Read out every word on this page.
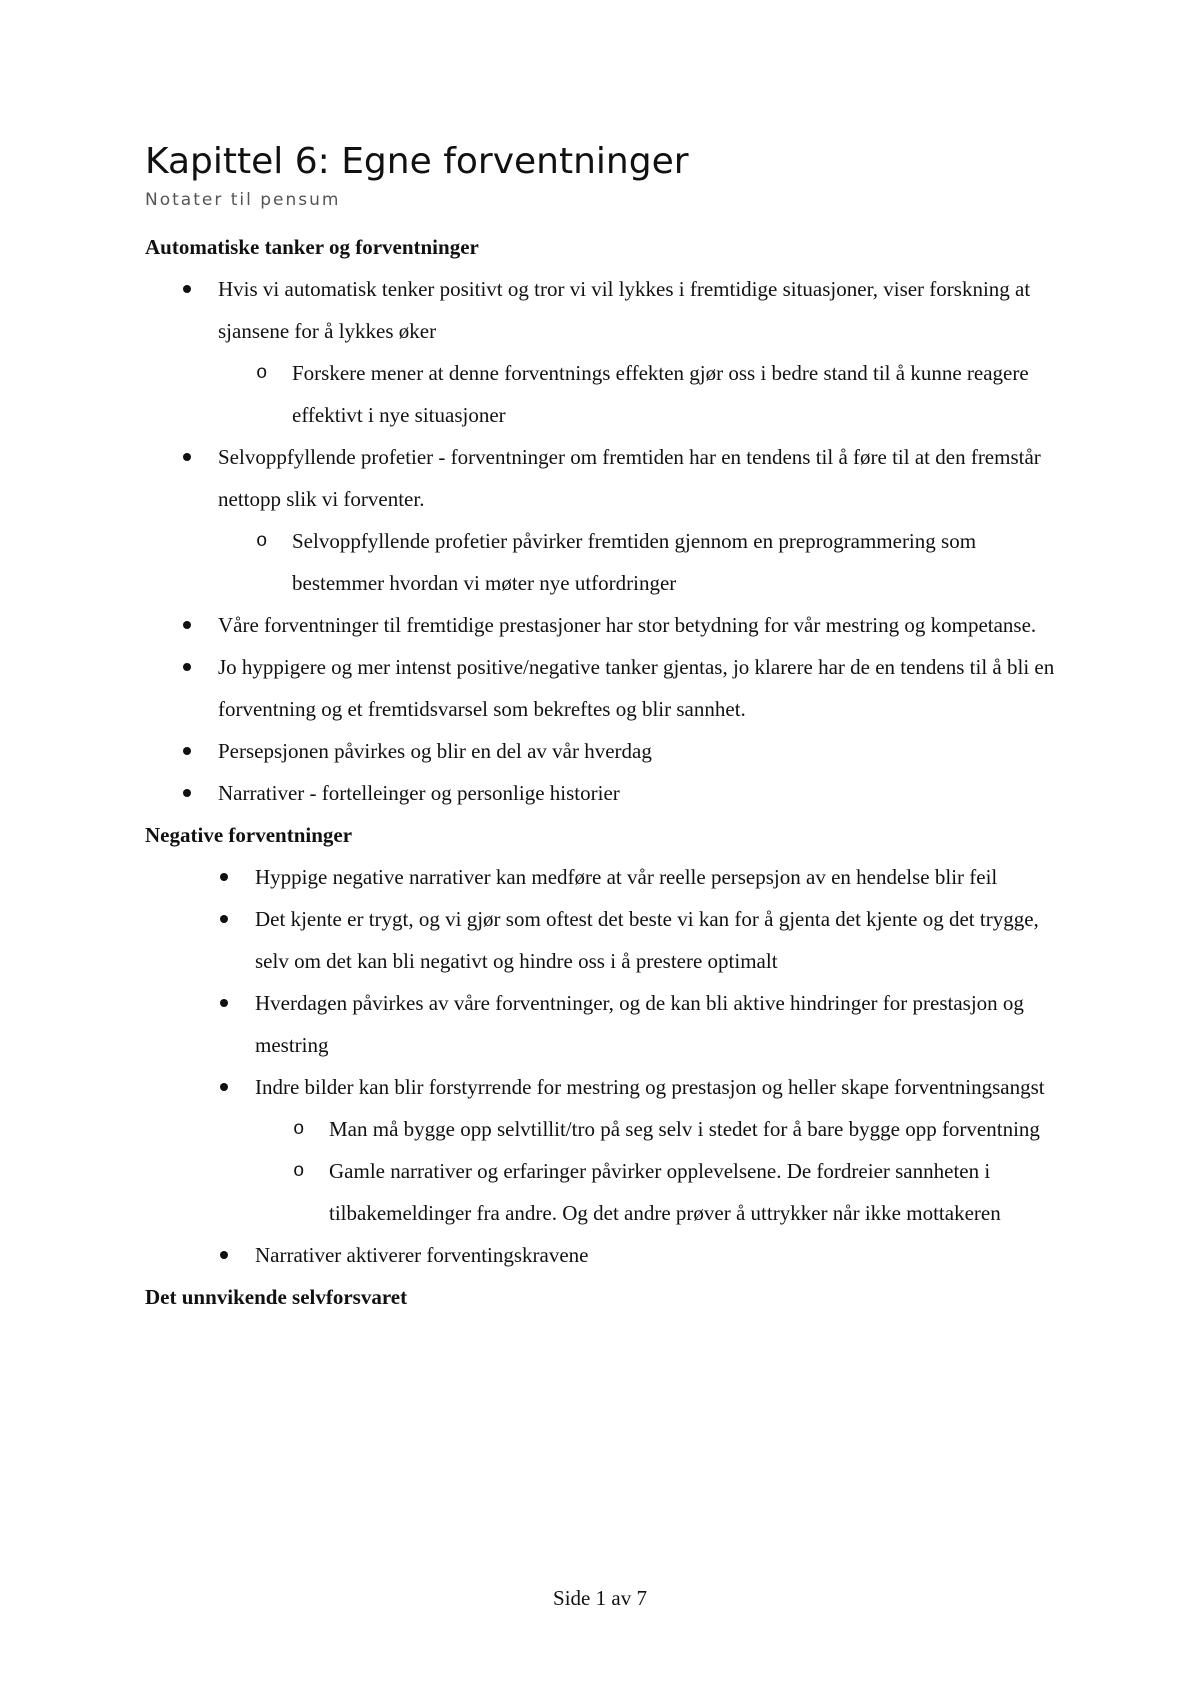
Kapittel 6: Egne forventninger
Notater til pensum
Automatiske tanker og forventninger
Hvis vi automatisk tenker positivt og tror vi vil lykkes i fremtidige situasjoner, viser forskning at sjansene for å lykkes øker
o Forskere mener at denne forventnings effekten gjør oss i bedre stand til å kunne reagere effektivt i nye situasjoner
Selvoppfyllende profetier - forventninger om fremtiden har en tendens til å føre til at den fremstår nettopp slik vi forventer.
o Selvoppfyllende profetier påvirker fremtiden gjennom en preprogrammering som bestemmer hvordan vi møter nye utfordringer
Våre forventninger til fremtidige prestasjoner har stor betydning for vår mestring og kompetanse.
Jo hyppigere og mer intenst positive/negative tanker gjentas, jo klarere har de en tendens til å bli en forventning og et fremtidsvarsel som bekreftes og blir sannhet.
Persepsjonen påvirkes og blir en del av vår hverdag
Narrativer - fortelleinger og personlige historier
Negative forventninger
Hyppige negative narrativer kan medføre at vår reelle persepsjon av en hendelse blir feil
Det kjente er trygt, og vi gjør som oftest det beste vi kan for å gjenta det kjente og det trygge, selv om det kan bli negativt og hindre oss i å prestere optimalt
Hverdagen påvirkes av våre forventninger, og de kan bli aktive hindringer for prestasjon og mestring
Indre bilder kan blir forstyrrende for mestring og prestasjon og heller skape forventningsangst
o Man må bygge opp selvtillit/tro på seg selv i stedet for å bare bygge opp forventning
o Gamle narrativer og erfaringer påvirker opplevelsene. De fordreier sannheten i tilbakemeldinger fra andre. Og det andre prøver å uttrykker når ikke mottakeren
Narrativer aktiverer forventingskravene
Det unnvikende selvforsvaret
Side 1 av 7
